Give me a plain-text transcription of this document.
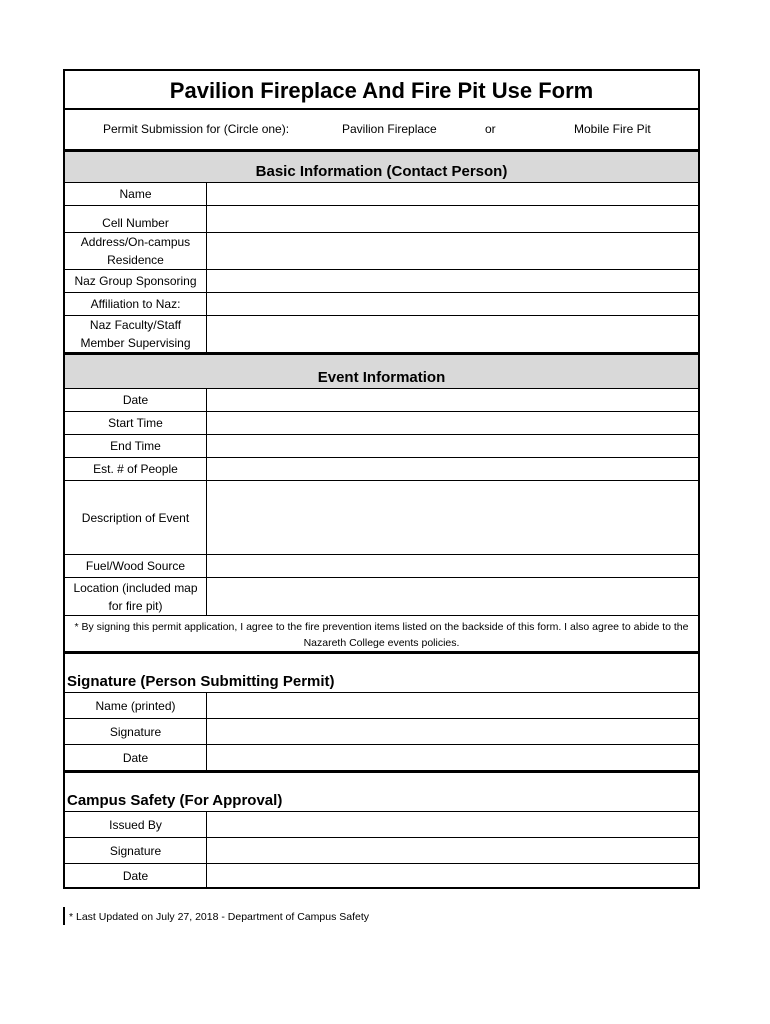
Pavilion Fireplace And Fire Pit Use Form
Permit Submission for (Circle one):	Pavilion Fireplace	or	Mobile Fire Pit
Basic Information (Contact Person)
Name
Cell Number
Address/On-campus Residence
Naz Group Sponsoring
Affiliation to Naz:
Naz Faculty/Staff Member Supervising
Event Information
Date
Start Time
End Time
Est. # of People
Description of Event
Fuel/Wood Source
Location (included map for fire pit)
* By signing this permit application, I agree to the fire prevention items listed on the backside of this form. I also agree to abide to the Nazareth College events policies.
Signature (Person Submitting Permit)
Name (printed)
Signature
Date
Campus Safety (For Approval)
Issued By
Signature
Date
* Last Updated on July 27, 2018 - Department of Campus Safety
